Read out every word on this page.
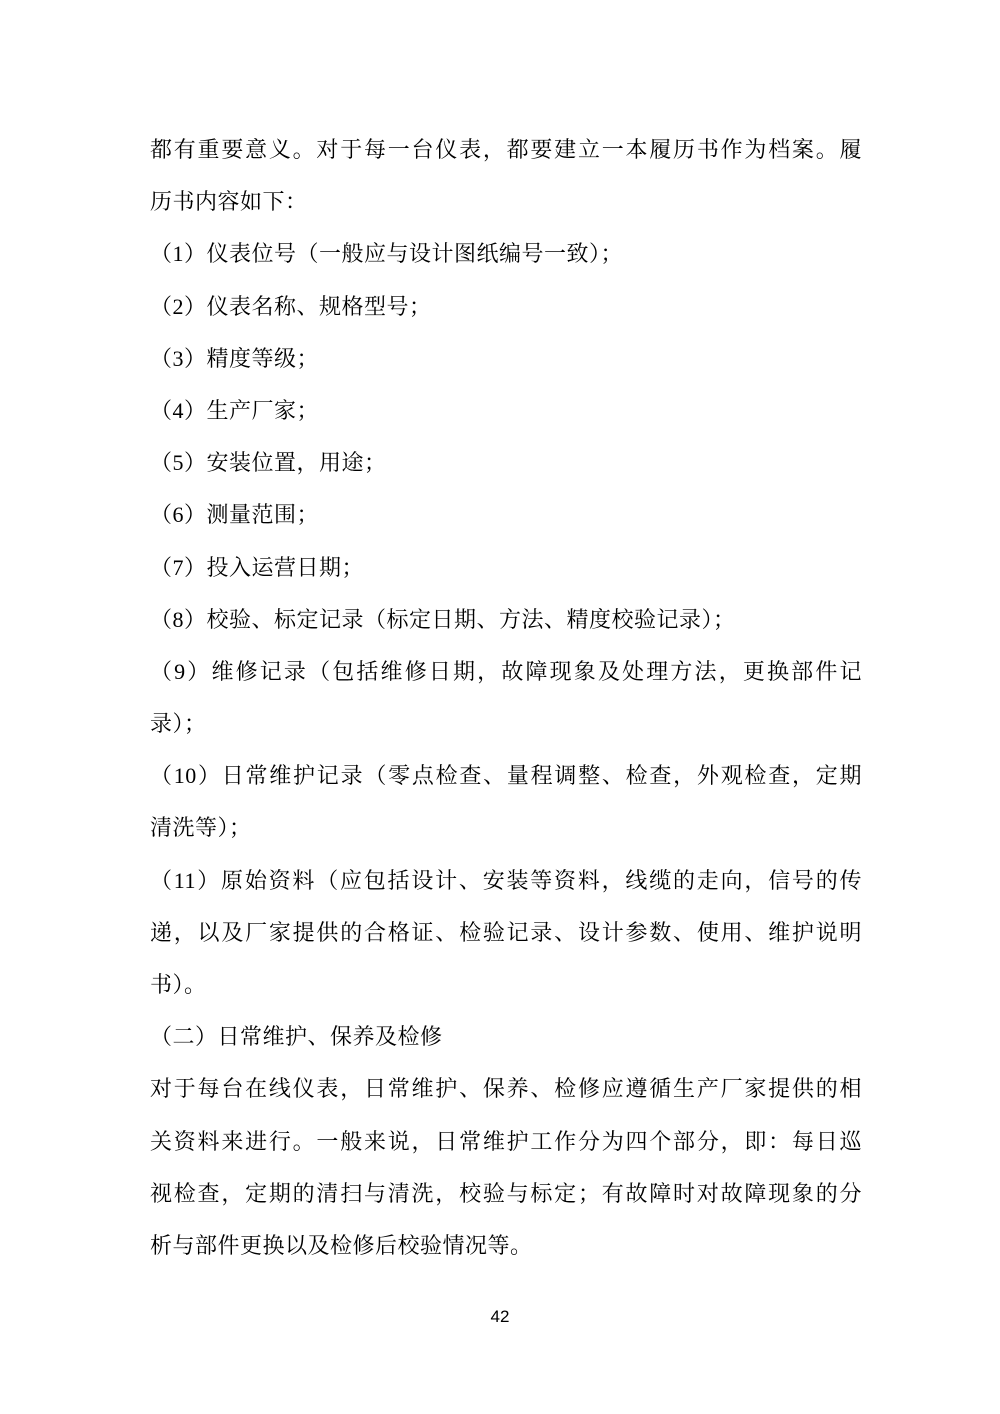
都有重要意义。对于每一台仪表，都要建立一本履历书作为档案。履
历书内容如下：
（1）仪表位号（一般应与设计图纸编号一致）；
（2）仪表名称、规格型号；
（3）精度等级；
（4）生产厂家；
（5）安装位置，用途；
（6）测量范围；
（7）投入运营日期；
（8）校验、标定记录（标定日期、方法、精度校验记录）；
（9）维修记录（包括维修日期，故障现象及处理方法，更换部件记
录）；
（10）日常维护记录（零点检查、量程调整、检查，外观检查，定期
清洗等）；
（11）原始资料（应包括设计、安装等资料，线缆的走向，信号的传
递，以及厂家提供的合格证、检验记录、设计参数、使用、维护说明
书）。
（二）日常维护、保养及检修
对于每台在线仪表，日常维护、保养、检修应遵循生产厂家提供的相
关资料来进行。一般来说，日常维护工作分为四个部分，即：每日巡
视检查，定期的清扫与清洗，校验与标定；有故障时对故障现象的分
析与部件更换以及检修后校验情况等。
42
